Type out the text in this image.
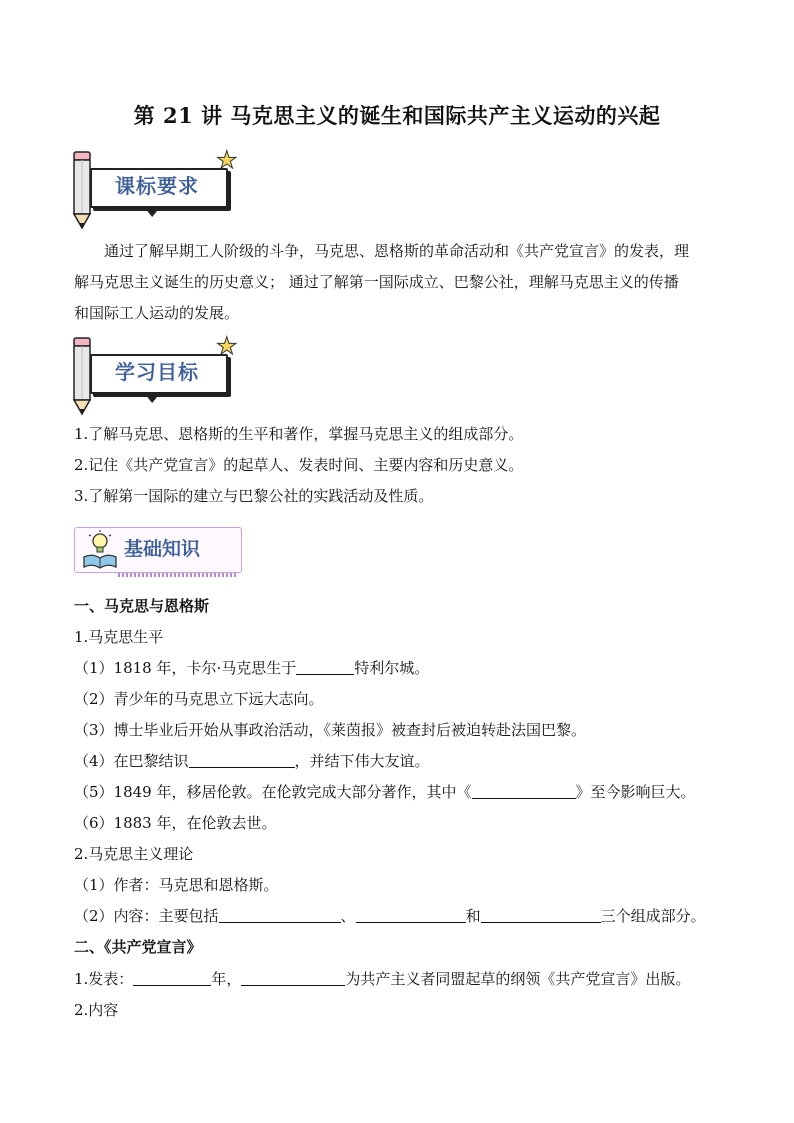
第 21 讲 马克思主义的诞生和国际共产主义运动的兴起
课标要求
♥
★
通过了解早期工人阶级的斗争，马克思、恩格斯的革命活动和《共产党宣言》的发表，理
解马克思主义诞生的历史意义； 通过了解第一国际成立、巴黎公社，理解马克思主义的传播
和国际工人运动的发展。
学习目标
♥
★
1.了解马克思、恩格斯的生平和著作，掌握马克思主义的组成部分。
2.记住《共产党宣言》的起草人、发表时间、主要内容和历史意义。
3.了解第一国际的建立与巴黎公社的实践活动及性质。
基础知识
一、马克思与恩格斯
1.马克思生平
（1）1818 年，卡尔·马克思生于	特利尔城。
（2）青少年的马克思立下远大志向。
（3）博士毕业后开始从事政治活动，《莱茵报》被查封后被迫转赴法国巴黎。
（4）在巴黎结识	，并结下伟大友谊。
（5）1849 年，移居伦敦。在伦敦完成大部分著作，其中《	》至今影响巨大。
（6）1883 年，在伦敦去世。
2.马克思主义理论
（1）作者：马克思和恩格斯。
（2）内容：主要包括	、	和	三个组成部分。
二、《共产党宣言》
1.发表：	年，	为共产主义者同盟起草的纲领《共产党宣言》出版。
2.内容
